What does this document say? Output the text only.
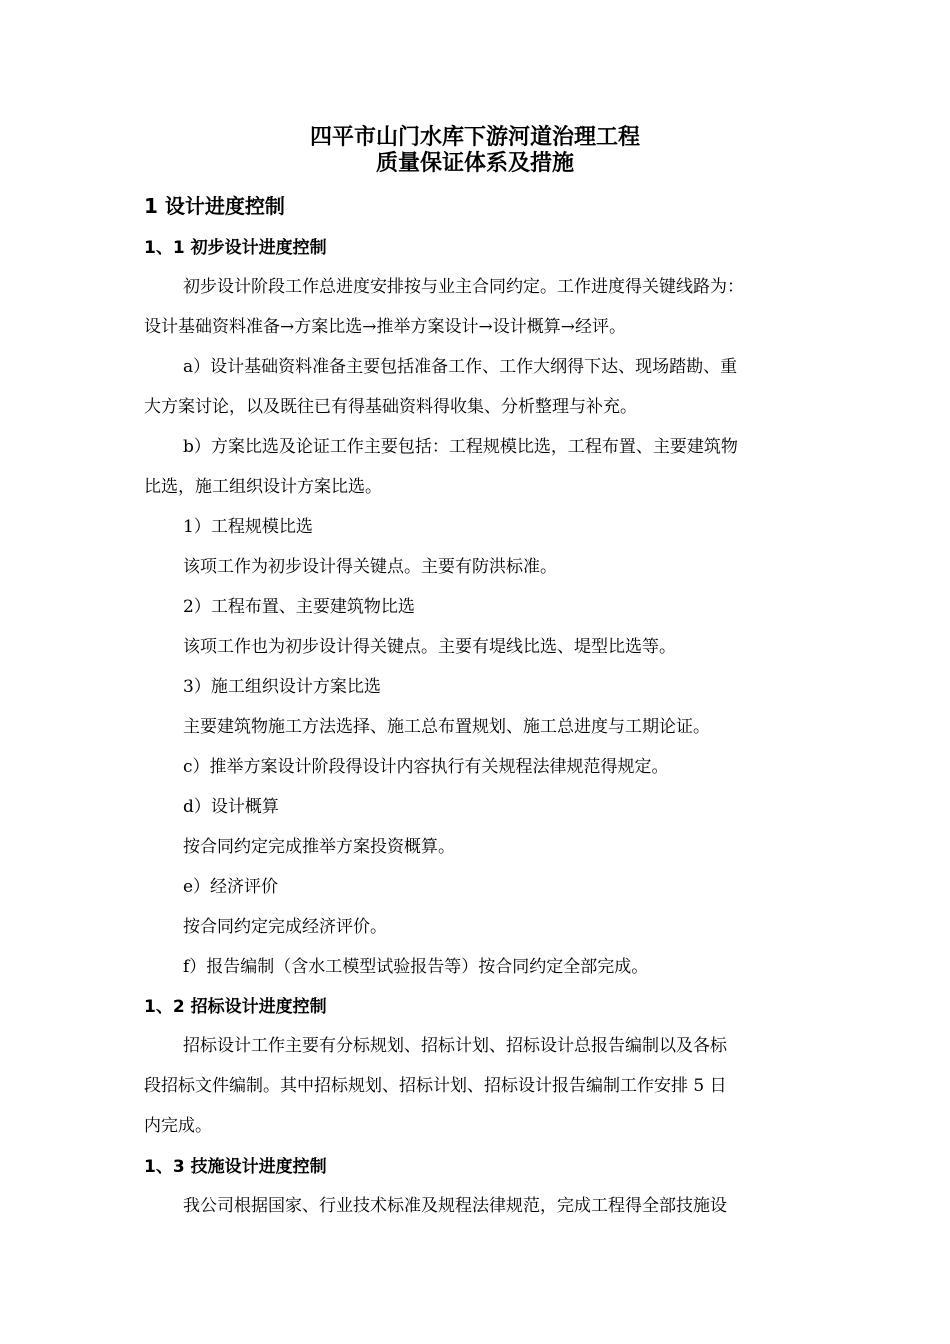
四平市山门水库下游河道治理工程
质量保证体系及措施
1 设计进度控制
1、1 初步设计进度控制
初步设计阶段工作总进度安排按与业主合同约定。工作进度得关键线路为：
设计基础资料准备→方案比选→推举方案设计→设计概算→经评。
a）设计基础资料准备主要包括准备工作、工作大纲得下达、现场踏勘、重
大方案讨论，以及既往已有得基础资料得收集、分析整理与补充。
b）方案比选及论证工作主要包括：工程规模比选，工程布置、主要建筑物
比选，施工组织设计方案比选。
1）工程规模比选
该项工作为初步设计得关键点。主要有防洪标准。
2）工程布置、主要建筑物比选
该项工作也为初步设计得关键点。主要有堤线比选、堤型比选等。
3）施工组织设计方案比选
主要建筑物施工方法选择、施工总布置规划、施工总进度与工期论证。
c）推举方案设计阶段得设计内容执行有关规程法律规范得规定。
d）设计概算
按合同约定完成推举方案投资概算。
e）经济评价
按合同约定完成经济评价。
f）报告编制（含水工模型试验报告等）按合同约定全部完成。
1、2 招标设计进度控制
招标设计工作主要有分标规划、招标计划、招标设计总报告编制以及各标
段招标文件编制。其中招标规划、招标计划、招标设计报告编制工作安排 5 日
内完成。
1、3 技施设计进度控制
我公司根据国家、行业技术标准及规程法律规范，完成工程得全部技施设
